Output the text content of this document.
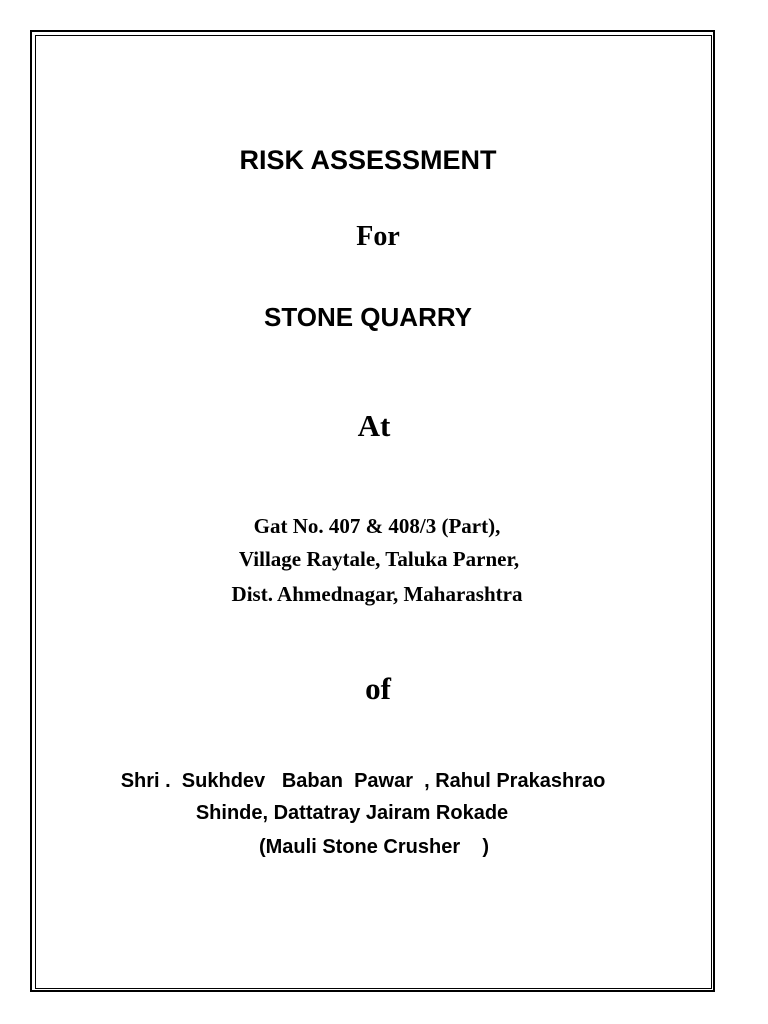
RISK ASSESSMENT

For

STONE QUARRY

At

Gat No. 407 & 408/3 (Part),

Village Raytale, Taluka Parner,

Dist. Ahmednagar, Maharashtra

of

Shri .  Sukhdev   Baban  Pawar  , Rahul Prakashrao

Shinde, Dattatray Jairam Rokade

(Mauli Stone Crusher    )
